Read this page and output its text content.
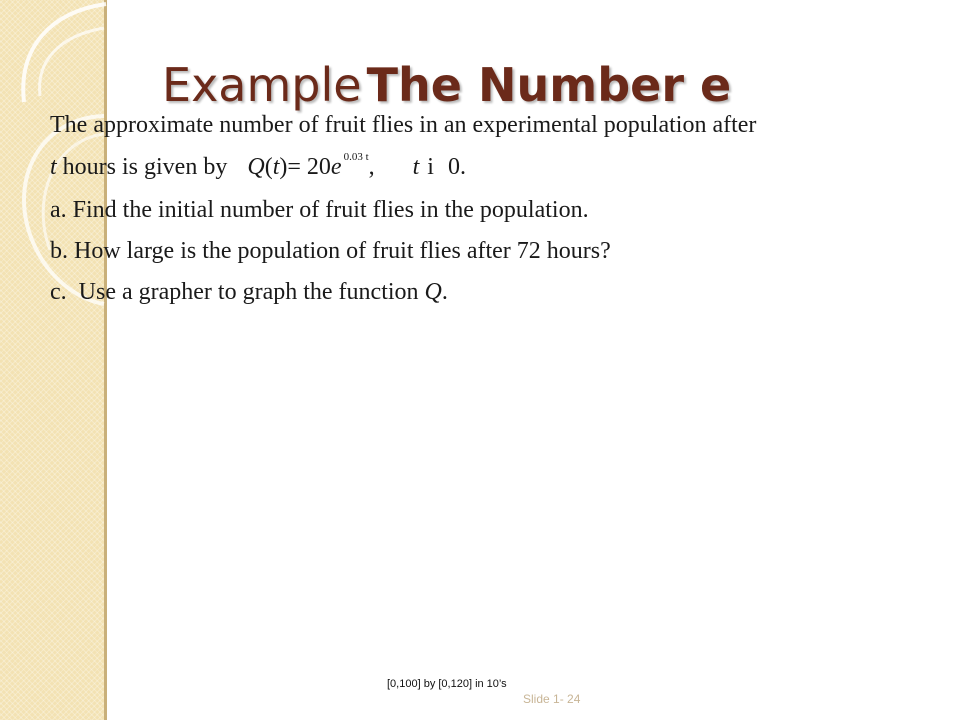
Example The Number e
The approximate number of fruit flies in an experimental population after
t hours is given by Q(t)= 20e $^{0.03 t}$, t i 0.
a. Find the initial number of fruit flies in the population.
b. How large is the population of fruit flies after 72 hours?
c.  Use a grapher to graph the function Q.
[0,100] by [0,120] in 10’s
Slide 1- 24
